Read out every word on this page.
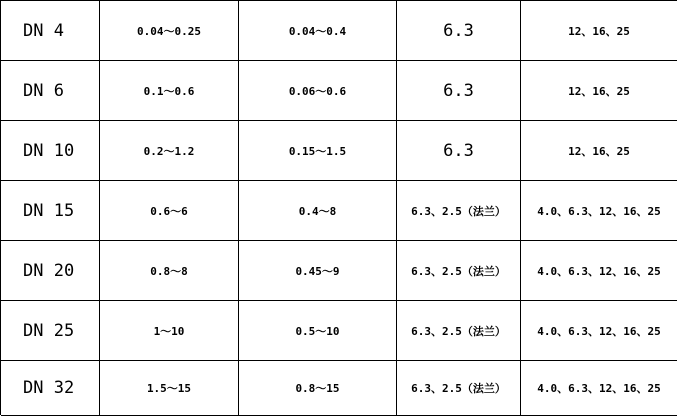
DN 4	0.04～0.25	0.04～0.4	6.3	12、16、25
DN 6	0.1～0.6	0.06～0.6	6.3	12、16、25
DN 10	0.2～1.2	0.15～1.5	6.3	12、16、25
DN 15	0.6～6	0.4～8	6.3、2.5（法兰）	4.0、6.3、12、16、25
DN 20	0.8～8	0.45～9	6.3、2.5（法兰）	4.0、6.3、12、16、25
DN 25	1～10	0.5～10	6.3、2.5（法兰）	4.0、6.3、12、16、25
DN 32	1.5～15	0.8～15	6.3、2.5（法兰）	4.0、6.3、12、16、25
